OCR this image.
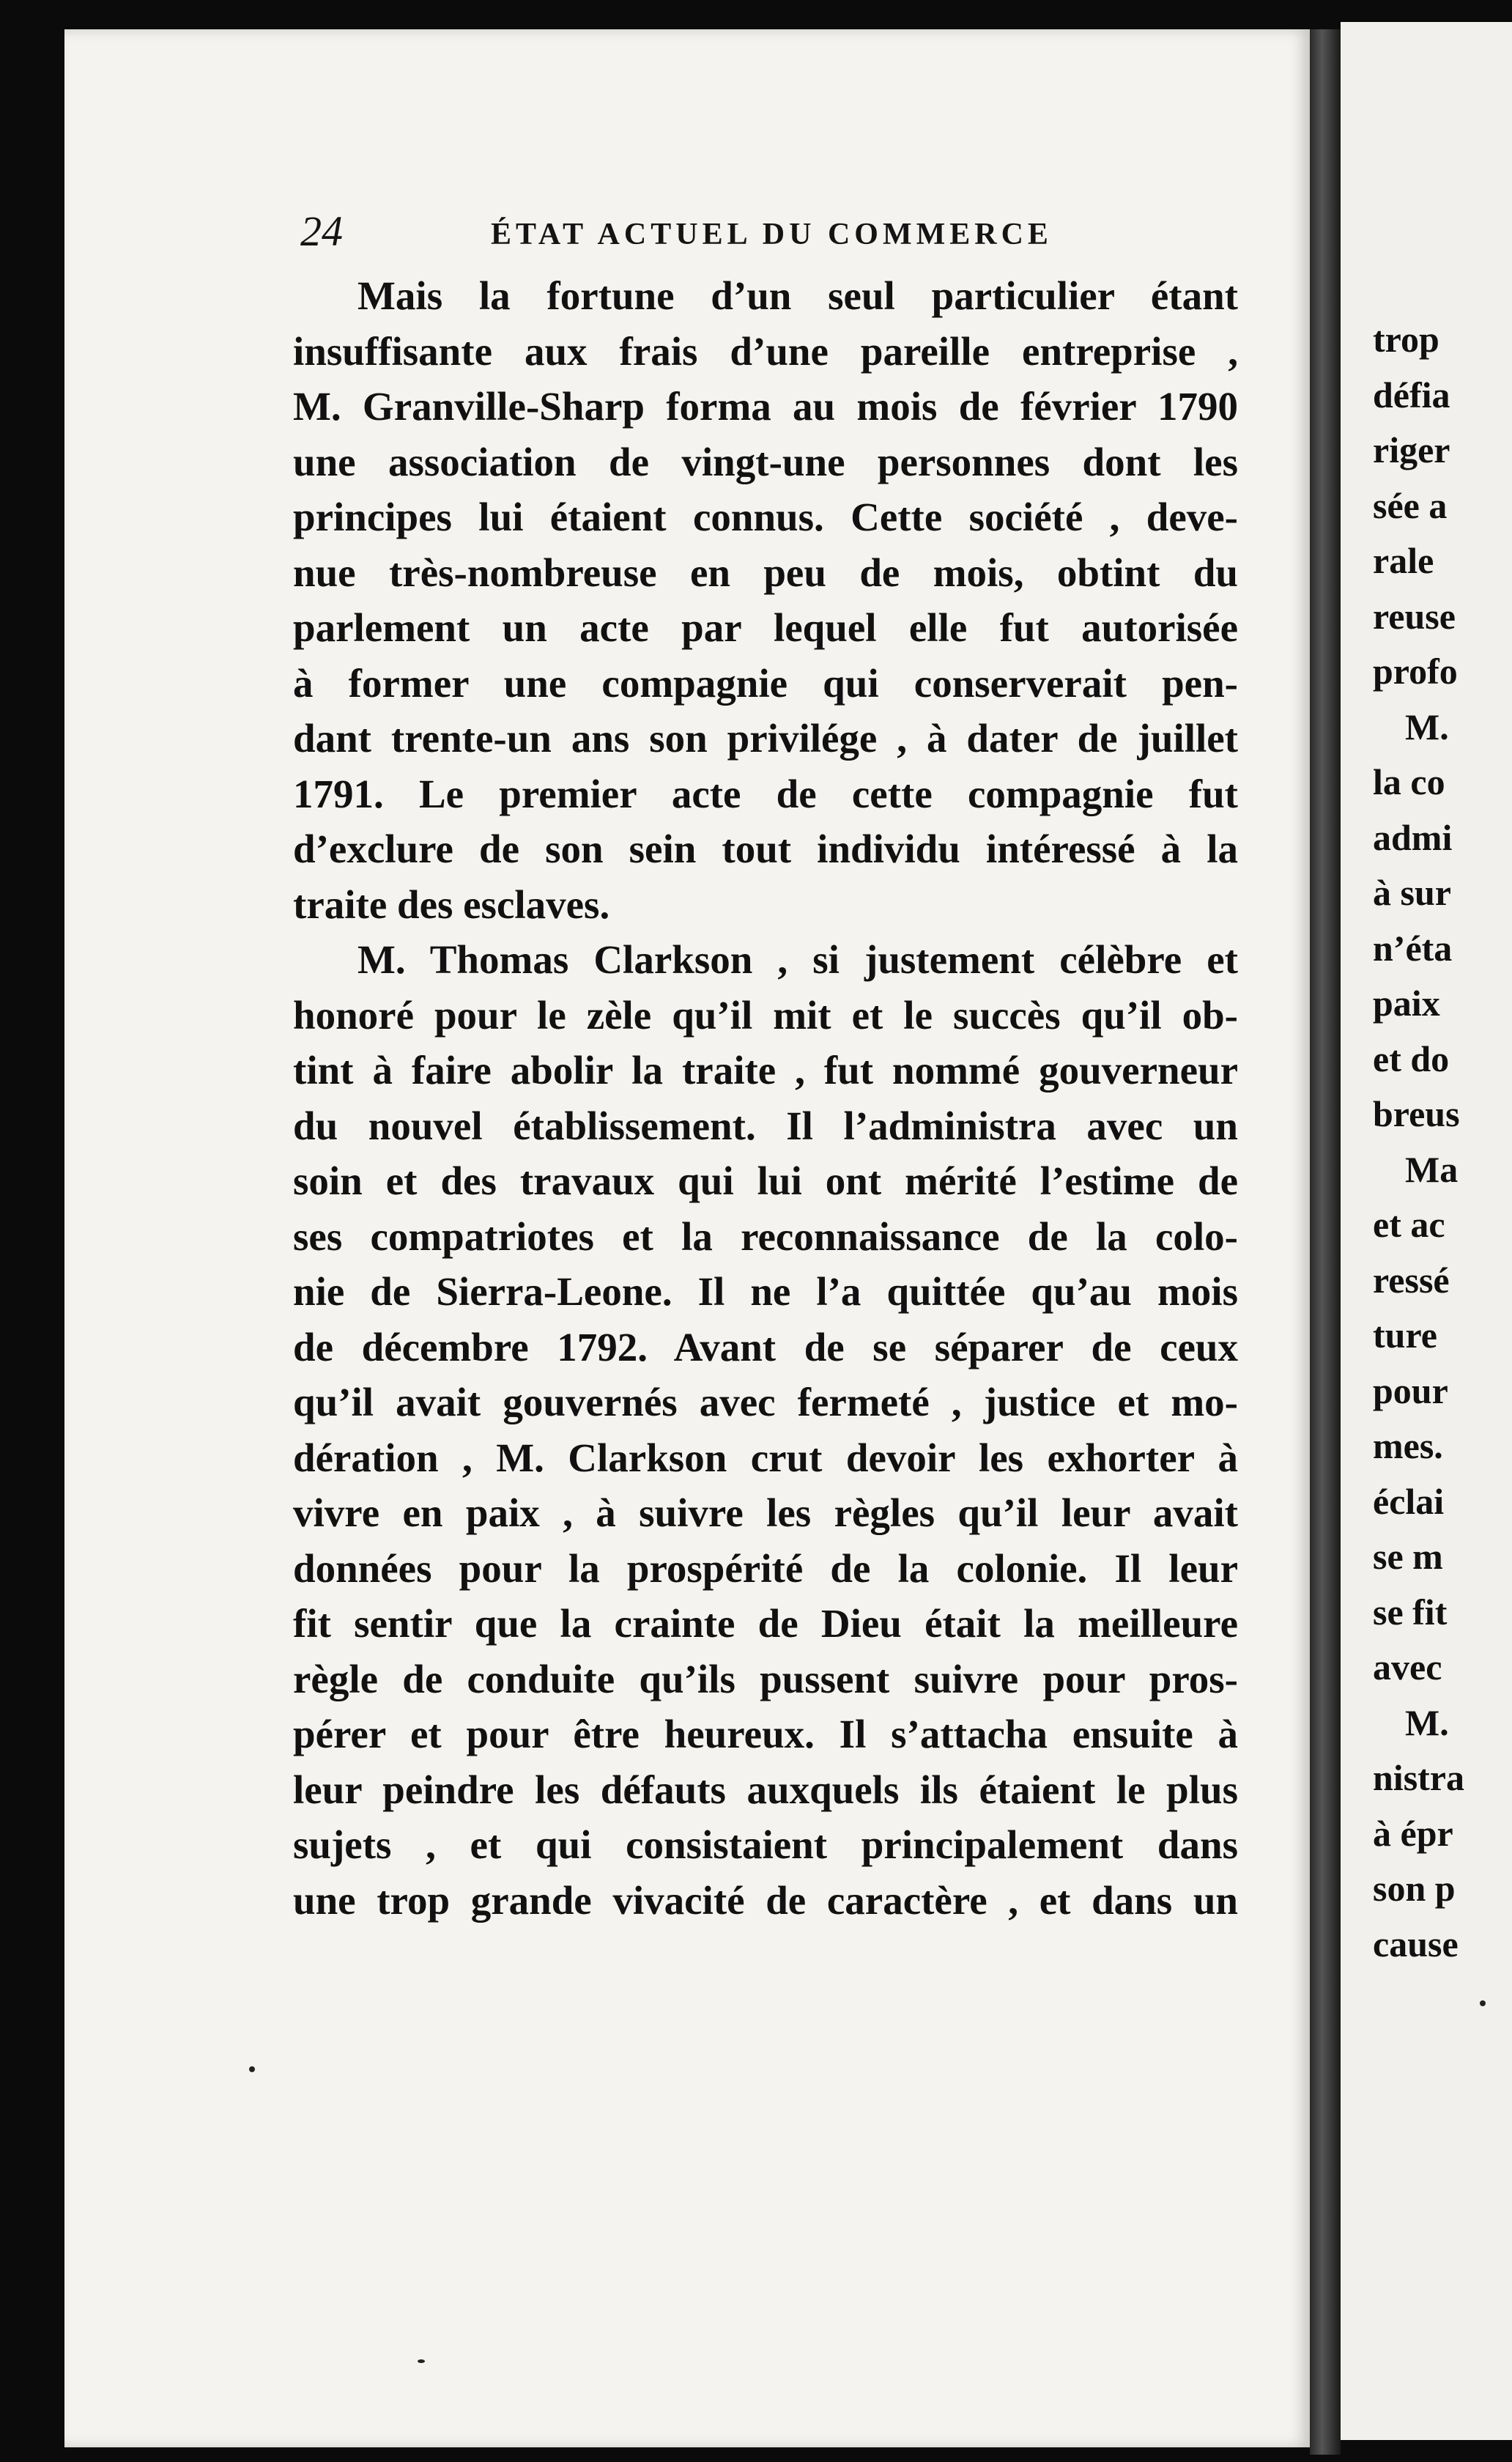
trop
défia
riger
sée a
rale
reuse
profo
M.
la co
admi
à sur
n’éta
paix
et do
breus
Ma
et ac
ressé
ture
pour
mes.
éclai
se m
se fit
avec
M.
nistra
à épr
son p
cause
24	ÉTAT ACTUEL DU COMMERCE
Mais la fortune d’un seul particulier étant
insuffisante aux frais d’une pareille entreprise ,
M. Granville-Sharp forma au mois de février 1790
une association de vingt-une personnes dont les
principes lui étaient connus. Cette société , deve-
nue très-nombreuse en peu de mois, obtint du
parlement un acte par lequel elle fut autorisée
à former une compagnie qui conserverait pen-
dant trente-un ans son privilége , à dater de juillet
1791. Le premier acte de cette compagnie fut
d’exclure de son sein tout individu intéressé à la
traite des esclaves.
M. Thomas Clarkson , si justement célèbre et
honoré pour le zèle qu’il mit et le succès qu’il ob-
tint à faire abolir la traite , fut nommé gouverneur
du nouvel établissement. Il l’administra avec un
soin et des travaux qui lui ont mérité l’estime de
ses compatriotes et la reconnaissance de la colo-
nie de Sierra-Leone. Il ne l’a quittée qu’au mois
de décembre 1792. Avant de se séparer de ceux
qu’il avait gouvernés avec fermeté , justice et mo-
dération , M. Clarkson crut devoir les exhorter à
vivre en paix , à suivre les règles qu’il leur avait
données pour la prospérité de la colonie. Il leur
fit sentir que la crainte de Dieu était la meilleure
règle de conduite qu’ils pussent suivre pour pros-
pérer et pour être heureux. Il s’attacha ensuite à
leur peindre les défauts auxquels ils étaient le plus
sujets , et qui consistaient principalement dans
une trop grande vivacité de caractère , et dans un
